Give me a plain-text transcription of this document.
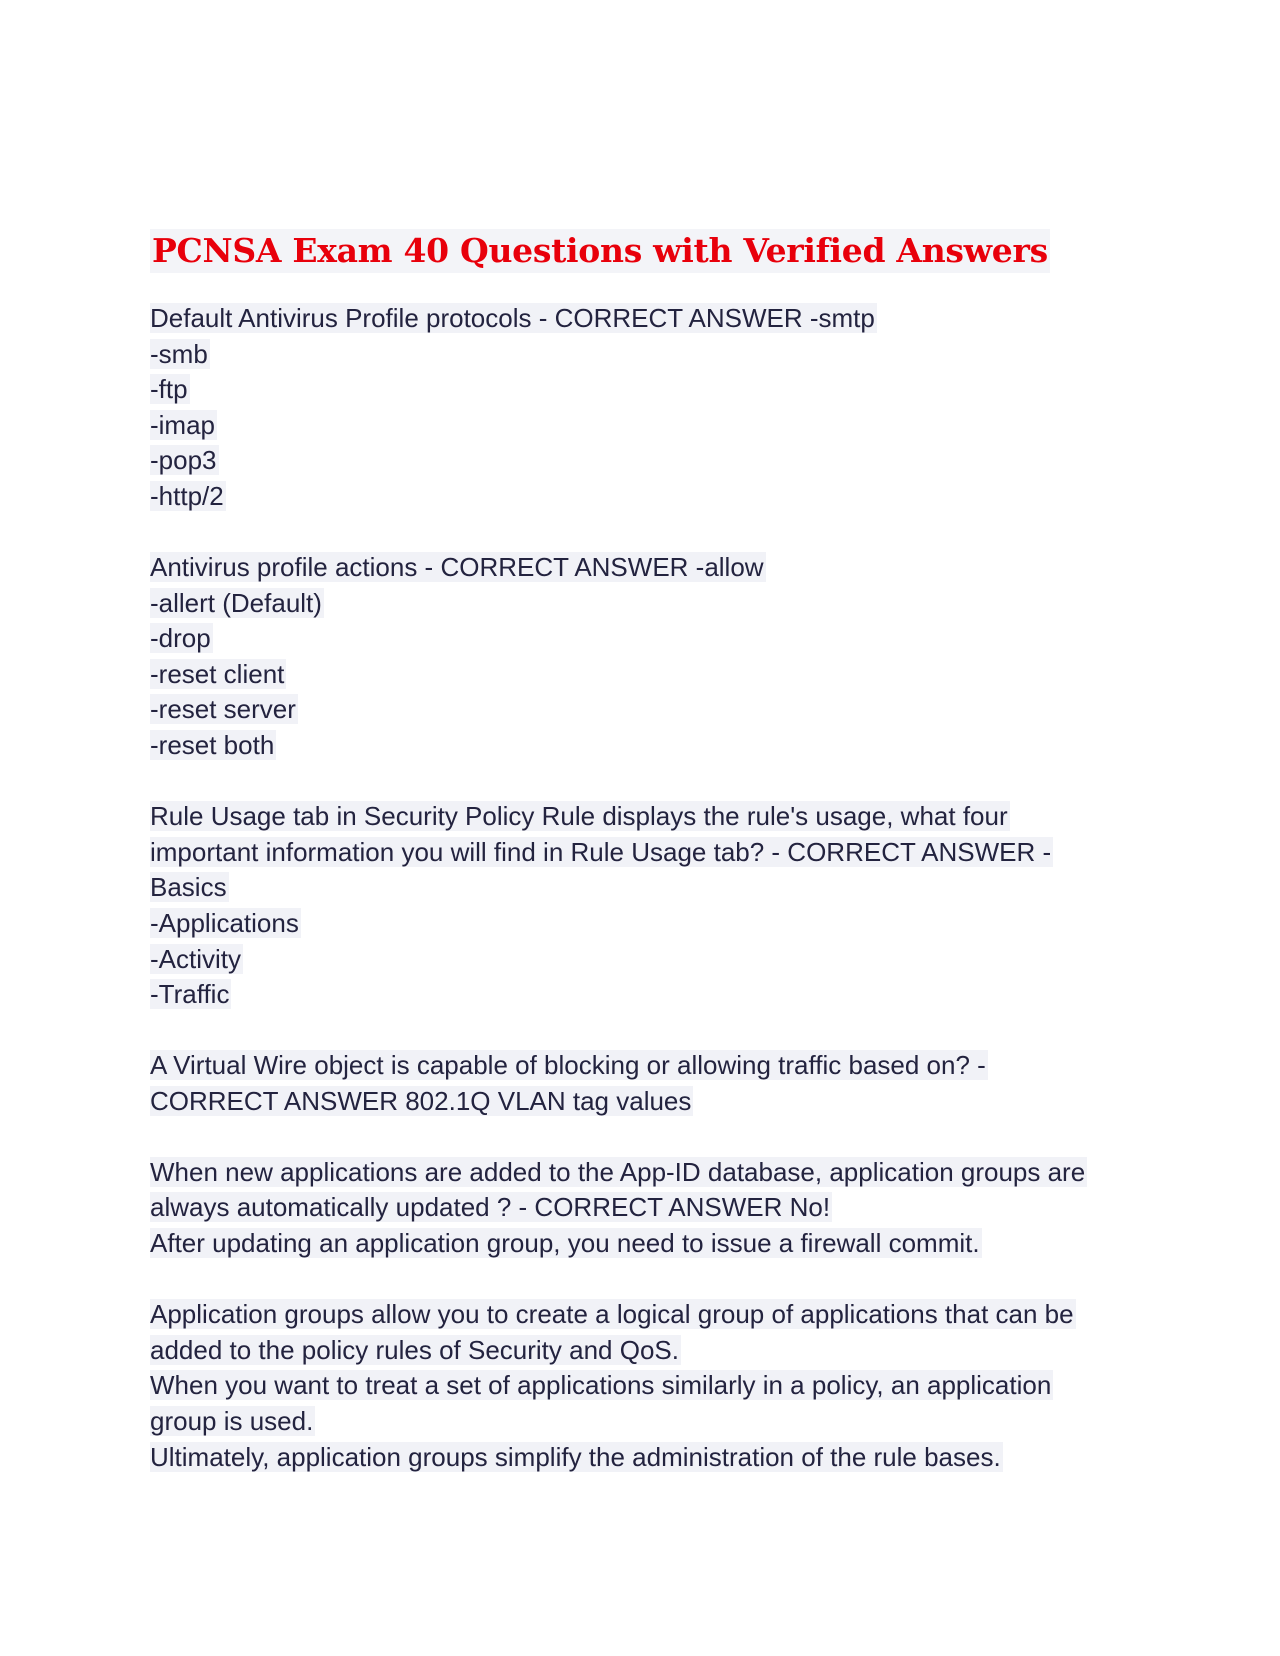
PCNSA Exam 40 Questions with Verified Answers
Default Antivirus Profile protocols - CORRECT ANSWER -smtp
-smb
-ftp
-imap
-pop3
-http/2
Antivirus profile actions - CORRECT ANSWER -allow
-allert (Default)
-drop
-reset client
-reset server
-reset both
Rule Usage tab in Security Policy Rule displays the rule's usage, what four
important information you will find in Rule Usage tab? - CORRECT ANSWER -
Basics
-Applications
-Activity
-Traffic
A Virtual Wire object is capable of blocking or allowing traffic based on? -
CORRECT ANSWER 802.1Q VLAN tag values
When new applications are added to the App-ID database, application groups are
always automatically updated ? - CORRECT ANSWER No!
After updating an application group, you need to issue a firewall commit.
Application groups allow you to create a logical group of applications that can be
added to the policy rules of Security and QoS.
When you want to treat a set of applications similarly in a policy, an application
group is used.
Ultimately, application groups simplify the administration of the rule bases.
